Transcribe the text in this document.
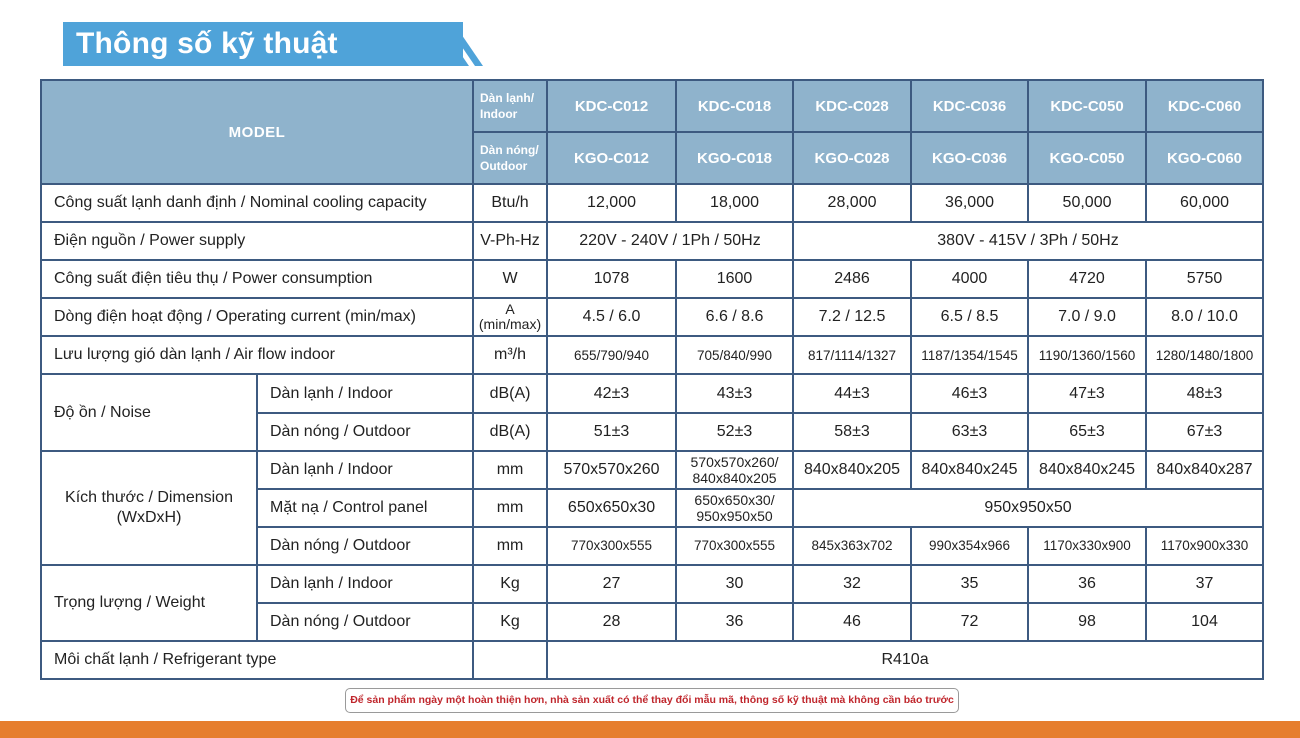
Thông số kỹ thuật
MODEL		Dàn lạnh/
Indoor	KDC-C012	KDC-C018	KDC-C028	KDC-C036	KDC-C050	KDC-C060

		Dàn nóng/
Outdoor	KGO-C012	KGO-C018	KGO-C028	KGO-C036	KGO-C050	KGO-C060
Công suất lạnh danh định / Nominal cooling capacity		Btu/h	12,000	18,000	28,000	36,000	50,000	60,000
Điện nguồn / Power supply		V-Ph-Hz	220V - 240V / 1Ph / 50Hz		380V - 415V / 3Ph / 50Hz			
Công suất điện tiêu thụ / Power consumption		W	1078	1600	2486	4000	4720	5750
Dòng điện hoạt động / Operating current (min/max)		A
(min/max)	4.5 / 6.0	6.6 / 8.6	7.2 / 12.5	6.5 / 8.5	7.0 / 9.0	8.0 / 10.0
Lưu lượng gió dàn lạnh / Air flow indoor		m³/h	655/790/940	705/840/990	817/1114/1327	1187/1354/1545	1190/1360/1560	1280/1480/1800
Độ ồn / Noise	Dàn lạnh / Indoor	dB(A)	42±3	43±3	44±3	46±3	47±3	48±3
	Dàn nóng / Outdoor	dB(A)	51±3	52±3	58±3	63±3	65±3	67±3

Kích thước / Dimension
(WxDxH)	Dàn lạnh / Indoor	mm	570x570x260	570x570x260/
840x840x205	840x840x205	840x840x245	840x840x245	840x840x287
	Mặt nạ / Control panel	mm	650x650x30	650x650x30/
950x950x50	950x950x50			
	Dàn nóng / Outdoor	mm	770x300x555	770x300x555	845x363x702	990x354x966	1170x330x900	1170x900x330
Trọng lượng / Weight	Dàn lạnh / Indoor	Kg	27	30	32	35	36	37
	Dàn nóng / Outdoor	Kg	28	36	46	72	98	104
Môi chất lạnh / Refrigerant type			R410a					
Để sản phẩm ngày một hoàn thiện hơn, nhà sản xuất có thể thay đổi mẫu mã, thông số kỹ thuật mà không cần báo trước
